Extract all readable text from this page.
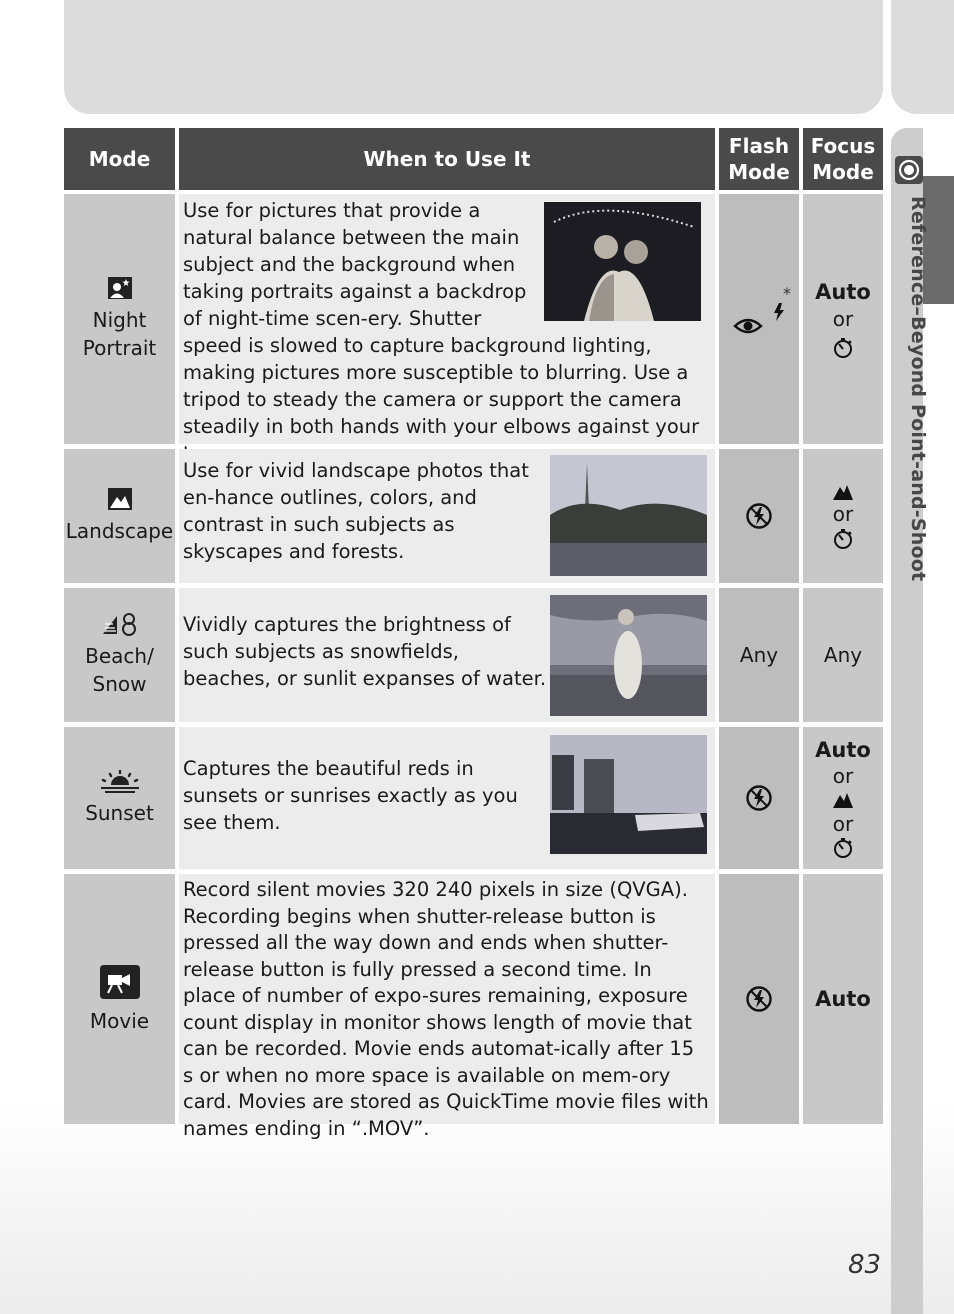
Reference–Beyond Point-and-Shoot
Mode	When to Use It
Flash Mode
Focus Mode
Night Portrait
Use for pictures that provide a natural balance between the main subject and the background when taking portraits against a backdrop of night-time scen-ery. Shutter speed is slowed to capture background lighting, making pictures more susceptible to blurring. Use a tripod to steady the camera or support the camera steadily in both hands with your elbows against your
* Auto
or
Landscape
Use for vivid landscape photos that en-hance outlines, colors, and contrast in such subjects as skyscapes and forests.
or
Beach/ Snow
Vividly captures the brightness of such subjects as snowfields, beaches, or sunlit expanses of water.
Any Any
Sunset
Captures the beautiful reds in sunsets or sunrises exactly as you see them.
Auto
or
or
Movie
Record silent movies 320 240 pixels in size (QVGA). Recording begins when shutter-release button is pressed all the way down and ends when shutter-release button is fully pressed a second time. In place of number of expo-sures remaining, exposure count display in monitor shows length of movie that can be recorded. Movie ends automat-ically after 15 s or when no more space is available on mem-ory card. Movies are stored as QuickTime movie files with names ending in “.MOV”.
Auto
83
